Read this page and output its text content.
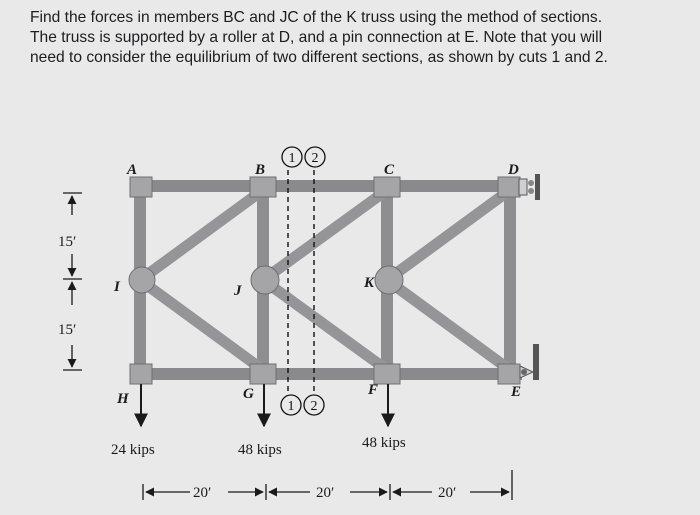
Find the forces in members BC and JC of the K truss using the method of sections.

The truss is supported by a roller at D, and a pin connection at E. Note that you will

need to consider the equilibrium of two different sections, as shown by cuts 1 and 2.

1 2
1 2
A	B	C	D
I	J	K
H	G	F	E
15′
15′
24 kips	48 kips	48 kips
20′	20′	20′
